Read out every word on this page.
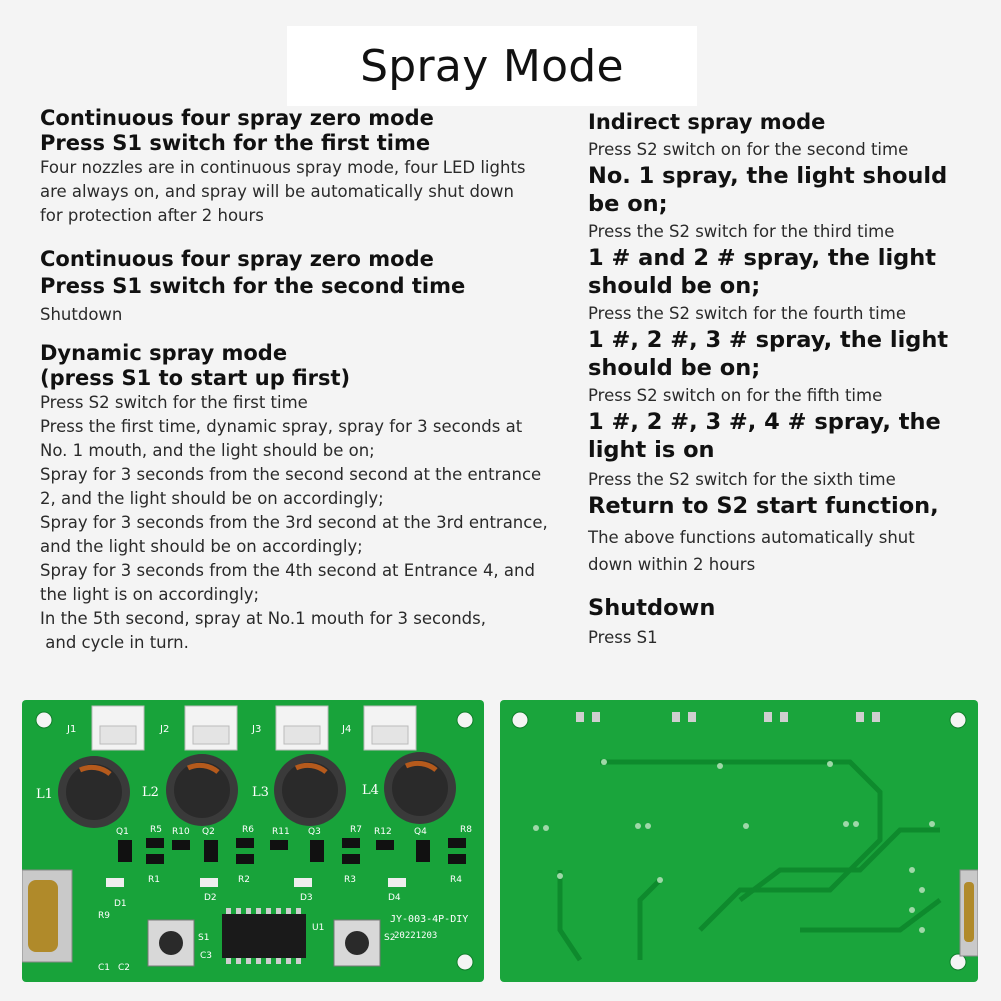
Spray Mode

Continuous four spray zero mode

Press S1 switch for the first time

Four nozzles are in continuous spray mode, four LED lights

are always on, and spray will be automatically shut down

for protection after 2 hours

Continuous four spray zero mode

Press S1 switch for the second time

Shutdown

Dynamic spray mode

(press S1 to start up first)

Press S2 switch for the first time

Press the first time, dynamic spray, spray for 3 seconds at

No. 1 mouth, and the light should be on;

Spray for 3 seconds from the second second at the entrance

2, and the light should be on accordingly;

Spray for 3 seconds from the 3rd second at the 3rd entrance,

and the light should be on accordingly;

Spray for 3 seconds from the 4th second at Entrance 4, and

the light is on accordingly;

In the 5th second, spray at No.1 mouth for 3 seconds,

and cycle in turn.

Indirect spray mode

Press S2 switch on for the second time

No. 1 spray, the light should

be on;

Press the S2 switch for the third time

1 # and 2 # spray, the light

should be on;

Press the S2 switch for the fourth time

1 #, 2 #, 3 # spray, the light

should be on;

Press S2 switch on for the fifth time

1 #, 2 #, 3 #, 4 # spray, the

light is on

Press the S2 switch for the sixth time

Return to S2 start function,

The above functions automatically shut

down within 2 hours

Shutdown

Press S1

J1	J2	J3	J4
L1	L2	L3	L4
Q1 R5 R10 Q2	R6 R11 Q3	R7 R12 Q4	R8
R1	R2	R3	R4
D1
D2	D3	D4
R9
C1 C2
S1
C3
U1
S2
JY-003-4P-DIY
20221203
